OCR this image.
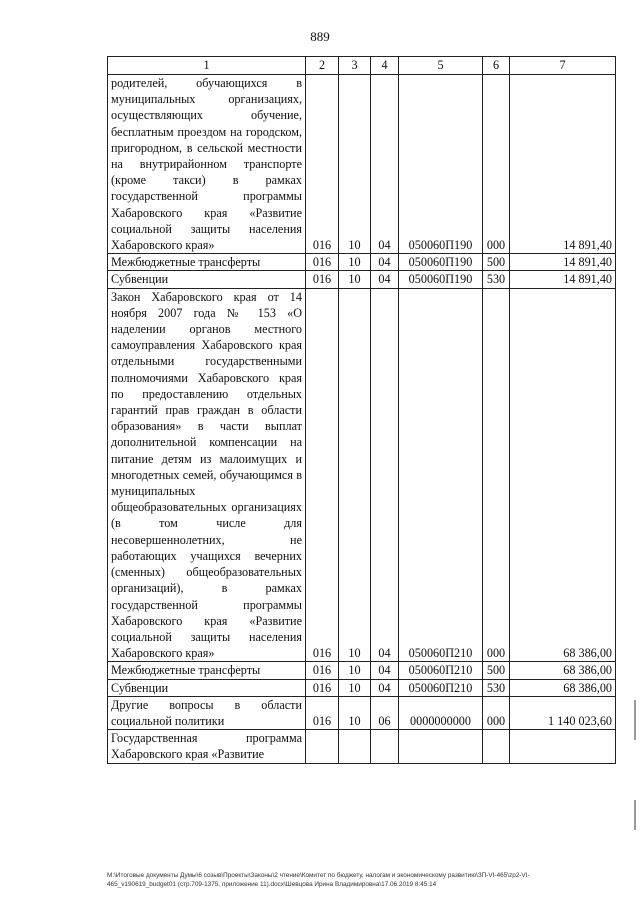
889
1	2	3	4	5	6	7
родителей, обучающихся в муниципальных организациях, осуществляющих обучение, бесплатным проездом на городском, пригородном, в сельской местности на внутрирайонном транспорте (кроме такси) в рамках государственной программы Хабаровского края «Развитие социальной защиты населения Хабаровского края»	016	10	04	050060П190	000	14 891,40
Межбюджетные трансферты	016	10	04	050060П190	500	14 891,40
Субвенции	016	10	04	050060П190	530	14 891,40
Закон Хабаровского края от 14 ноября 2007 года № 153 «О наделении органов местного самоуправления Хабаровского края отдельными государственными полномочиями Хабаровского края по предоставлению отдельных гарантий прав граждан в области образования» в части выплат дополнительной компенсации на питание детям из малоимущих и многодетных семей, обучающимся в муниципальных общеобразовательных организациях (в том числе для несовершеннолетних, не работающих учащихся вечерних (сменных) общеобразовательных организаций), в рамках государственной программы Хабаровского края «Развитие социальной защиты населения Хабаровского края»	016	10	04	050060П210	000	68 386,00
Межбюджетные трансферты	016	10	04	050060П210	500	68 386,00
Субвенции	016	10	04	050060П210	530	68 386,00
Другие вопросы в области социальной политики	016	10	06	0000000000	000	1 140 023,60
Государственная программа Хабаровского края «Развитие						
М:\Итоговые документы Думы\6 созыв\Проекты\Законы\2 чтение\Комитет по бюджету, налогам и экономическому развитию\ЗП-VI-465\zp2-VI-
465_v190619_budget01 (стр.709-1375, приложение 11).docx\Шевцова Ирина Владимировна\17.06.2019 8:45:14
